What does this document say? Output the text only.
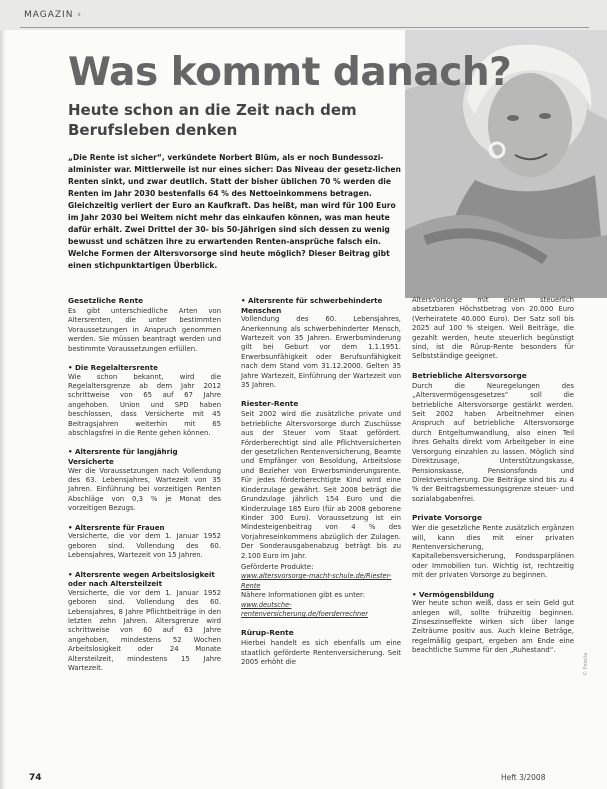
MAGAZIN ›
Was kommt danach?
Heute schon an die Zeit nach dem Berufsleben denken

„Die Rente ist sicher“, verkündete Norbert Blüm, als er noch Bundessozi-alminister war. Mittlerweile ist nur eines sicher: Das Niveau der gesetz-lichen Renten sinkt, und zwar deutlich. Statt der bisher üblichen 70 % werden die Renten im Jahr 2030 bestenfalls 64 % des Nettoeinkommens betragen. Gleichzeitig verliert der Euro an Kaufkraft. Das heißt, man wird für 100 Euro im Jahr 2030 bei Weitem nicht mehr das einkaufen können, was man heute dafür erhält. Zwei Drittel der 30- bis 50-Jährigen sind sich dessen zu wenig bewusst und schätzen ihre zu erwartenden Renten-ansprüche falsch ein. Welche Formen der Altersvorsorge sind heute möglich? Dieser Beitrag gibt einen stichpunktartigen Überblick.

Gesetzliche Rente

Es gibt unterschiedliche Arten von Altersrenten, die unter bestimmten Voraussetzungen in Anspruch genommen werden. Sie müssen beantragt werden und bestimmte Voraussetzungen erfüllen.

• Die Regelaltersrente

Wie schon bekannt, wird die Regelaltersgrenze ab dem Jahr 2012 schrittweise von 65 auf 67 Jahre angehoben. Union und SPD haben beschlossen, dass Versicherte mit 45 Beitragsjahren weiterhin mit 65 abschlagsfrei in die Rente gehen können.

• Altersrente für langjährig Versicherte

Wer die Voraussetzungen nach Vollendung des 63. Lebensjahres, Wartezeit von 35 Jahren. Einführung bei vorzeitigen Renten Abschläge von 0,3 % je Monat des vorzeitigen Bezugs.

• Altersrente für Frauen

Versicherte, die vor dem 1. Januar 1952 geboren sind. Vollendung des 60. Lebensjahres, Wartezeit von 15 Jahren.

• Altersrente wegen Arbeitslosigkeit oder nach Altersteilzeit

Versicherte, die vor dem 1. Januar 1952 geboren sind. Vollendung des 60. Lebensjahres, 8 Jahre Pflichtbeiträge in den letzten zehn Jahren. Altersgrenze wird schrittweise von 60 auf 63 Jahre angehoben, mindestens 52 Wochen Arbeitslosigkeit oder 24 Monate Altersteilzeit, mindestens 15 Jahre Wartezeit.

• Altersrente für schwerbehinderte Menschen

Vollendung des 60. Lebensjahres, Anerkennung als schwerbehinderter Mensch, Wartezeit von 35 Jahren. Erwerbsminderung gilt bei Geburt vor dem 1.1.1951. Erwerbsunfähigkeit oder Berufsunfähigkeit nach dem Stand vom 31.12.2000. Gelten 35 Jahre Wartezeit, Einführung der Wartezeit von 35 Jahren.

Riester-Rente

Seit 2002 wird die zusätzliche private und betriebliche Altersvorsorge durch Zuschüsse aus der Steuer vom Staat gefördert. Förderberechtigt sind alle Pflichtversicherten der gesetzlichen Rentenversicherung, Beamte und Empfänger von Besoldung, Arbeitslose und Bezieher von Erwerbsminderungsrente. Für jedes förderberechtigte Kind wird eine Kinderzulage gewährt. Seit 2008 beträgt die Grundzulage jährlich 154 Euro und die Kinderzulage 185 Euro (für ab 2008 geborene Kinder 300 Euro). Voraussetzung ist ein Mindesteigenbeitrag von 4 % des Vorjahreseinkommens abzüglich der Zulagen. Der Sonderausgabenabzug beträgt bis zu 2.100 Euro im Jahr.

Geförderte Produkte:

www.altersvorsorge-macht-schule.de/Riester-Rente

Nähere Informationen gibt es unter:

www.deutsche-rentenversicherung.de/foerderrechner

Rürup-Rente

Hierbei handelt es sich ebenfalls um eine staatlich geförderte Rentenversicherung. Seit 2005 erhöht die

Altersvorsorge mit einem steuerlich absetzbaren Höchstbetrag von 20.000 Euro (Verheiratete 40.000 Euro). Der Satz soll bis 2025 auf 100 % steigen. Weil Beiträge, die gezahlt werden, heute steuerlich begünstigt sind, ist die Rürup-Rente besonders für Selbstständige geeignet.

Betriebliche Altersvorsorge

Durch die Neuregelungen des „Altersvermögensgesetzes“ soll die betriebliche Altersvorsorge gestärkt werden. Seit 2002 haben Arbeitnehmer einen Anspruch auf betriebliche Altersvorsorge durch Entgeltumwandlung, also einen Teil ihres Gehalts direkt vom Arbeitgeber in eine Versorgung einzahlen zu lassen. Möglich sind Direktzusage, Unterstützungskasse, Pensionskasse, Pensionsfonds und Direktversicherung. Die Beiträge sind bis zu 4 % der Beitragsbemessungsgrenze steuer- und sozialabgabenfrei.

Private Vorsorge

Wer die gesetzliche Rente zusätzlich ergänzen will, kann dies mit einer privaten Rentenversicherung, Kapitallebensversicherung, Fondssparplänen oder Immobilien tun. Wichtig ist, rechtzeitig mit der privaten Vorsorge zu beginnen.

• Vermögensbildung

Wer heute schon weiß, dass er sein Geld gut anlegen will, sollte frühzeitig beginnen. Zinseszinseffekte wirken sich über lange Zeiträume positiv aus. Auch kleine Beträge, regelmäßig gespart, ergeben am Ende eine beachtliche Summe für den „Ruhestand“.

© Fotolia
74	Heft 3/2008
